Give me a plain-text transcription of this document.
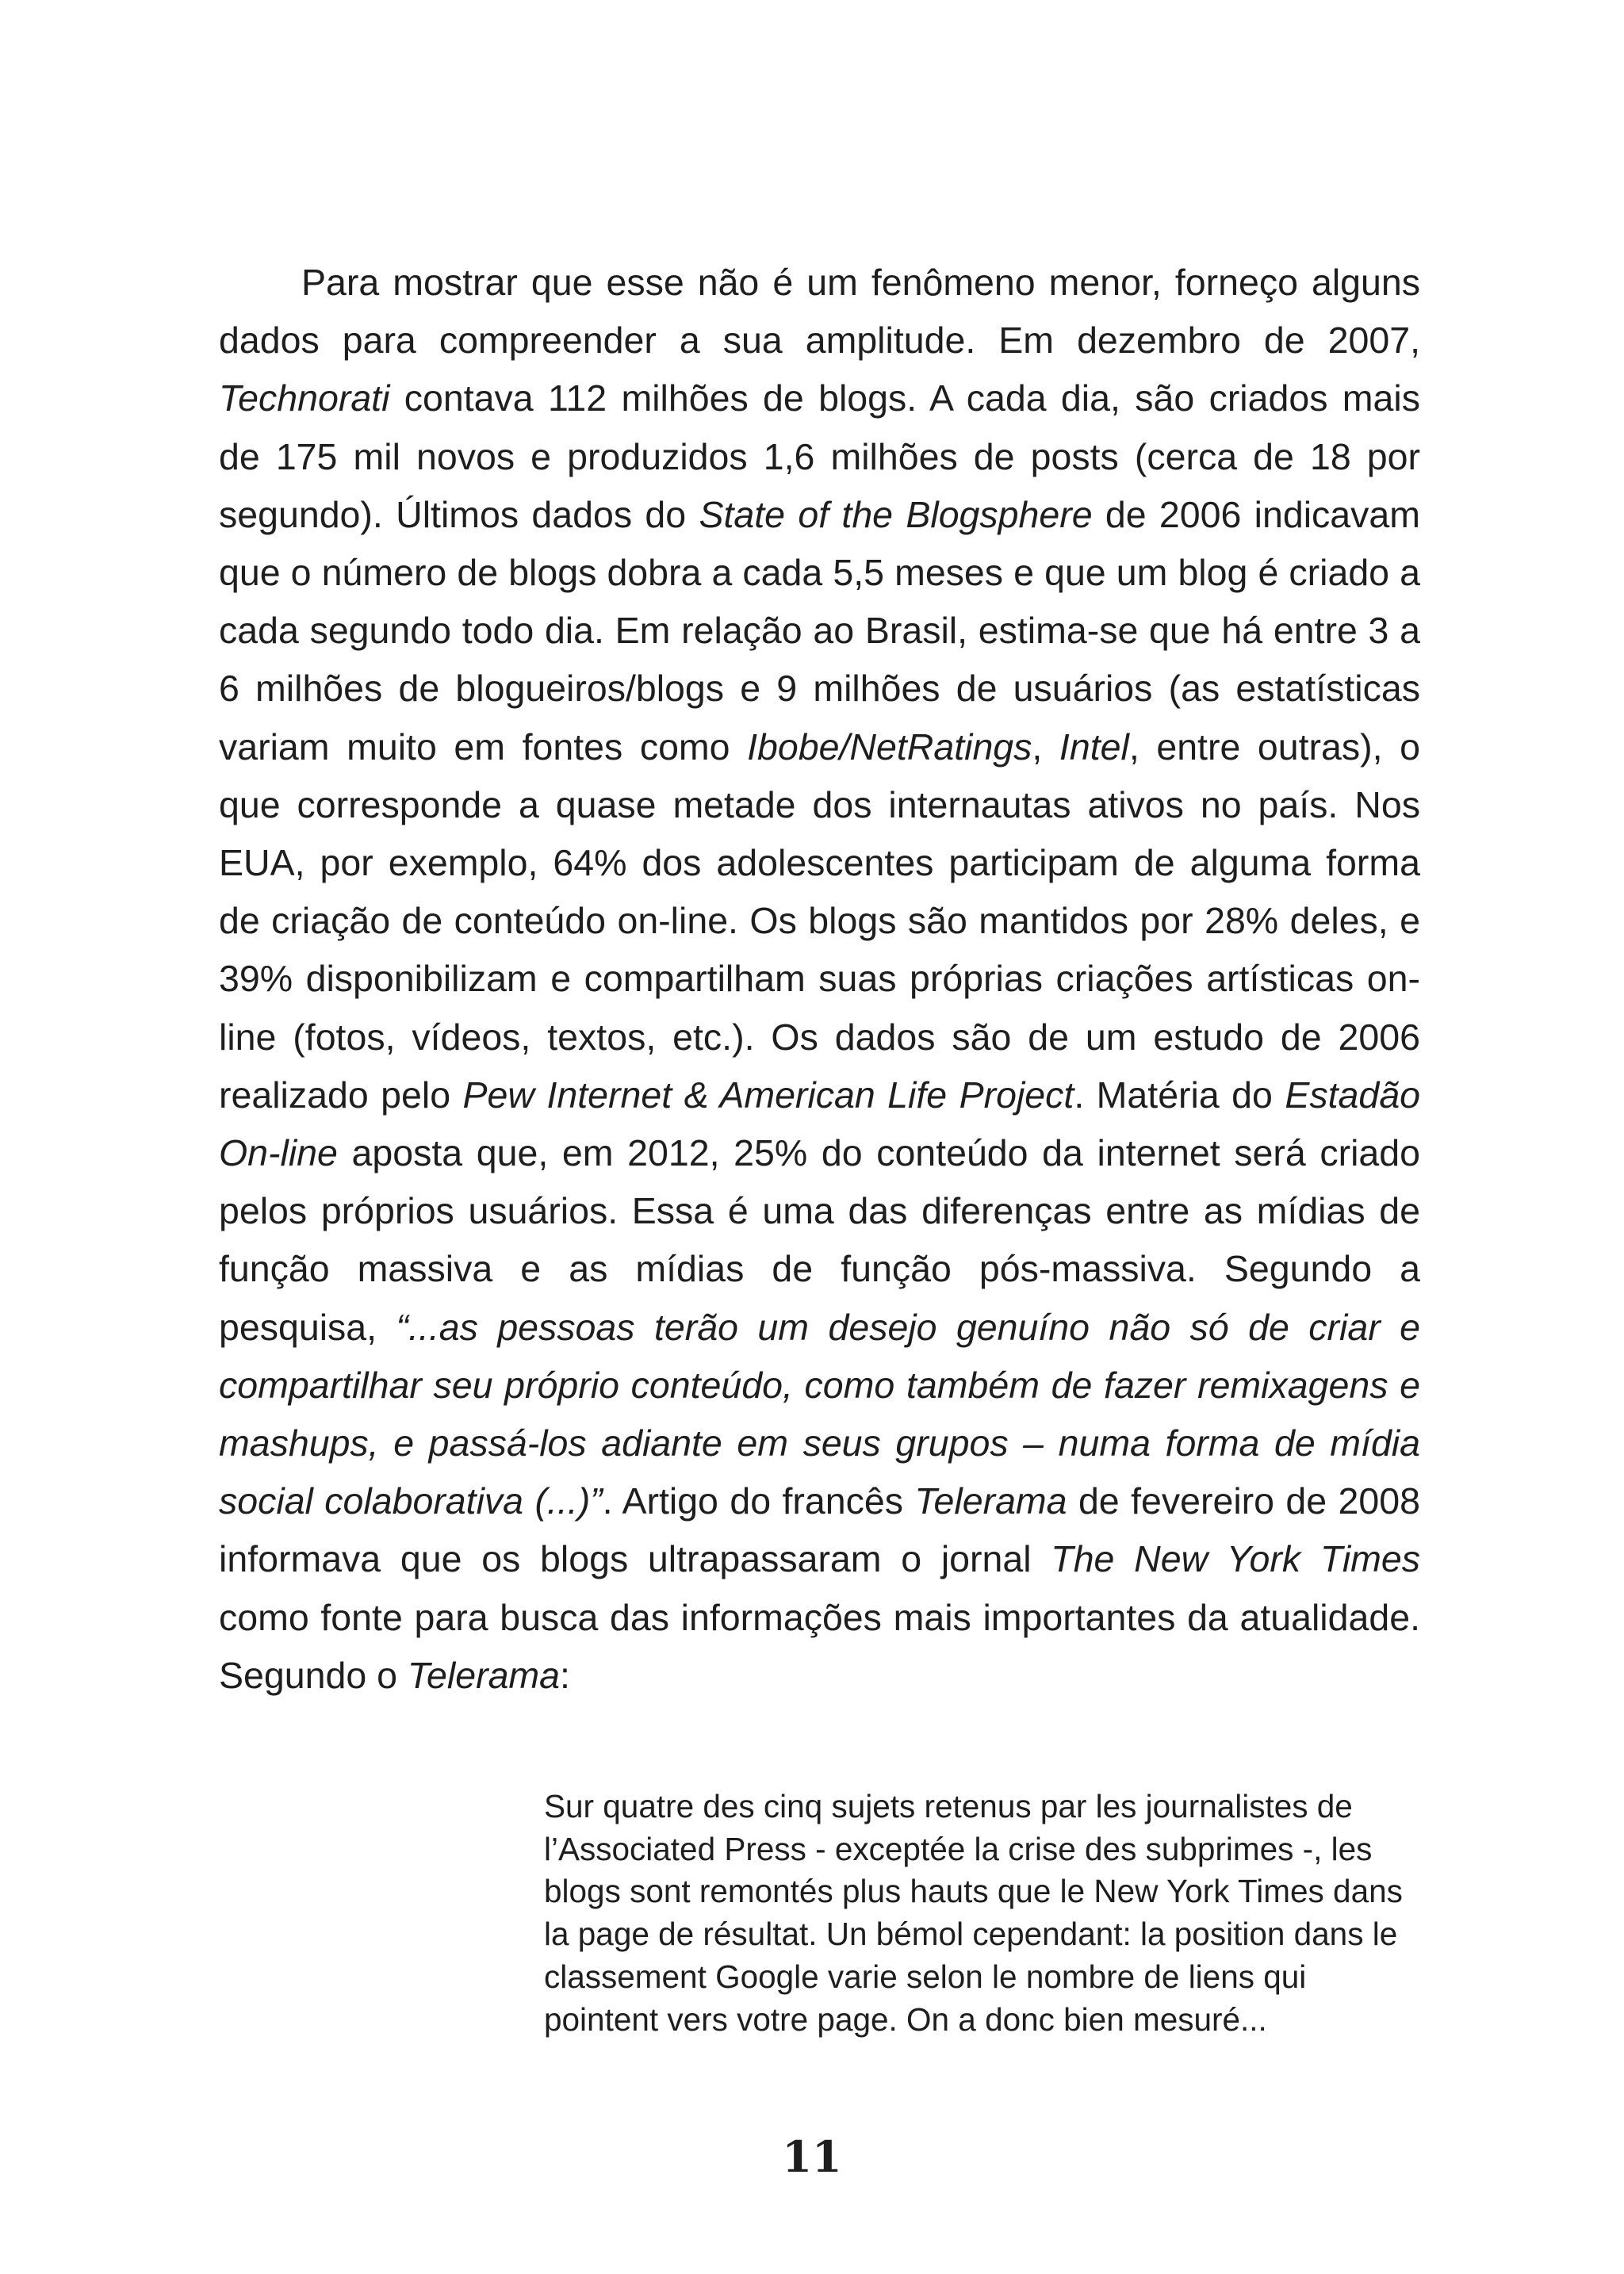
Para mostrar que esse não é um fenômeno menor, forneço alguns dados para compreender a sua amplitude. Em dezembro de 2007, Technorati contava 112 milhões de blogs. A cada dia, são criados mais de 175 mil novos e produzidos 1,6 milhões de posts (cerca de 18 por segundo). Últimos dados do State of the Blogsphere de 2006 indicavam que o número de blogs dobra a cada 5,5 meses e que um blog é criado a cada segundo todo dia. Em relação ao Brasil, estima-se que há entre 3 a 6 milhões de blogueiros/blogs e 9 milhões de usuários (as estatísticas variam muito em fontes como Ibobe/NetRatings, Intel, entre outras), o que corresponde a quase metade dos internautas ativos no país. Nos EUA, por exemplo, 64% dos adolescentes participam de alguma forma de criação de conteúdo on-line. Os blogs são mantidos por 28% deles, e 39% disponibilizam e compartilham suas próprias criações artísticas on-line (fotos, vídeos, textos, etc.). Os dados são de um estudo de 2006 realizado pelo Pew Internet & American Life Project. Matéria do Estadão On-line aposta que, em 2012, 25% do conteúdo da internet será criado pelos próprios usuários. Essa é uma das diferenças entre as mídias de função massiva e as mídias de função pós-massiva. Segundo a pesquisa, “...as pessoas terão um desejo genuíno não só de criar e compartilhar seu próprio conteúdo, como também de fazer remixagens e mashups, e passá-los adiante em seus grupos – numa forma de mídia social colaborativa (...)”. Artigo do francês Telerama de fevereiro de 2008 informava que os blogs ultrapassaram o jornal The New York Times como fonte para busca das informações mais importantes da atualidade. Segundo o Telerama:

Sur quatre des cinq sujets retenus par les journalistes de l’Associated Press - exceptée la crise des subprimes -, les blogs sont remontés plus hauts que le New York Times dans la page de résultat. Un bémol cependant: la position dans le classement Google varie selon le nombre de liens qui pointent vers votre page. On a donc bien mesuré...

11
